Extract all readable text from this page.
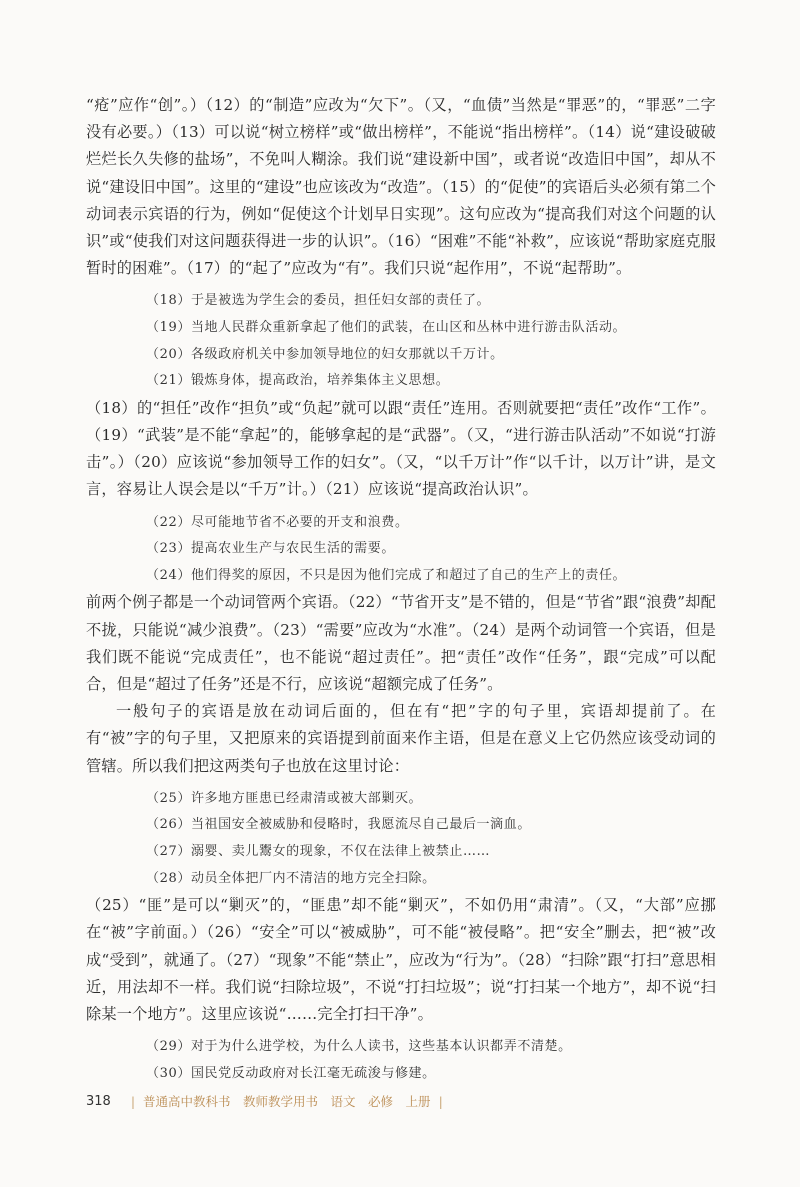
“疮”应作“创”。）（12）的“制造”应改为“欠下”。（又，“血债”当然是“罪恶”的，“罪恶”二字没有必要。）（13）可以说“树立榜样”或“做出榜样”，不能说“指出榜样”。（14）说“建设破破烂烂长久失修的盐场”，不免叫人糊涂。我们说“建设新中国”，或者说“改造旧中国”，却从不说“建设旧中国”。这里的“建设”也应该改为“改造”。（15）的“促使”的宾语后头必须有第二个动词表示宾语的行为，例如“促使这个计划早日实现”。这句应改为“提高我们对这个问题的认识”或“使我们对这问题获得进一步的认识”。（16）“困难”不能“补救”，应该说“帮助家庭克服暂时的困难”。（17）的“起了”应改为“有”。我们只说“起作用”，不说“起帮助”。

（18）于是被选为学生会的委员，担任妇女部的责任了。

（19）当地人民群众重新拿起了他们的武装，在山区和丛林中进行游击队活动。

（20）各级政府机关中参加领导地位的妇女那就以千万计。

（21）锻炼身体，提高政治，培养集体主义思想。

（18）的“担任”改作“担负”或“负起”就可以跟“责任”连用。否则就要把“责任”改作“工作”。（19）“武装”是不能“拿起”的，能够拿起的是“武器”。（又，“进行游击队活动”不如说“打游击”。）（20）应该说“参加领导工作的妇女”。（又，“以千万计”作“以千计，以万计”讲，是文言，容易让人误会是以“千万”计。）（21）应该说“提高政治认识”。

（22）尽可能地节省不必要的开支和浪费。

（23）提高农业生产与农民生活的需要。

（24）他们得奖的原因，不只是因为他们完成了和超过了自己的生产上的责任。

前两个例子都是一个动词管两个宾语。（22）“节省开支”是不错的，但是“节省”跟“浪费”却配不拢，只能说“减少浪费”。（23）“需要”应改为“水准”。（24）是两个动词管一个宾语，但是我们既不能说“完成责任”，也不能说“超过责任”。把“责任”改作“任务”，跟“完成”可以配合，但是“超过了任务”还是不行，应该说“超额完成了任务”。

一般句子的宾语是放在动词后面的，但在有“把”字的句子里，宾语却提前了。在有“被”字的句子里，又把原来的宾语提到前面来作主语，但是在意义上它仍然应该受动词的管辖。所以我们把这两类句子也放在这里讨论：

（25）许多地方匪患已经肃清或被大部剿灭。

（26）当祖国安全被威胁和侵略时，我愿流尽自己最后一滴血。

（27）溺婴、卖儿鬻女的现象，不仅在法律上被禁止……

（28）动员全体把厂内不清洁的地方完全扫除。

（25）“匪”是可以“剿灭”的，“匪患”却不能“剿灭”，不如仍用“肃清”。（又，“大部”应挪在“被”字前面。）（26）“安全”可以“被威胁”，可不能“被侵略”。把“安全”删去，把“被”改成“受到”，就通了。（27）“现象”不能“禁止”，应改为“行为”。（28）“扫除”跟“打扫”意思相近，用法却不一样。我们说“扫除垃圾”，不说“打扫垃圾”；说“打扫某一个地方”，却不说“扫除某一个地方”。这里应该说“……完全打扫干净”。

（29）对于为什么进学校，为什么人读书，这些基本认识都弄不清楚。

（30）国民党反动政府对长江毫无疏浚与修建。

318 | 普通高中教科书　教师教学用书　语文　必修　上册 |
